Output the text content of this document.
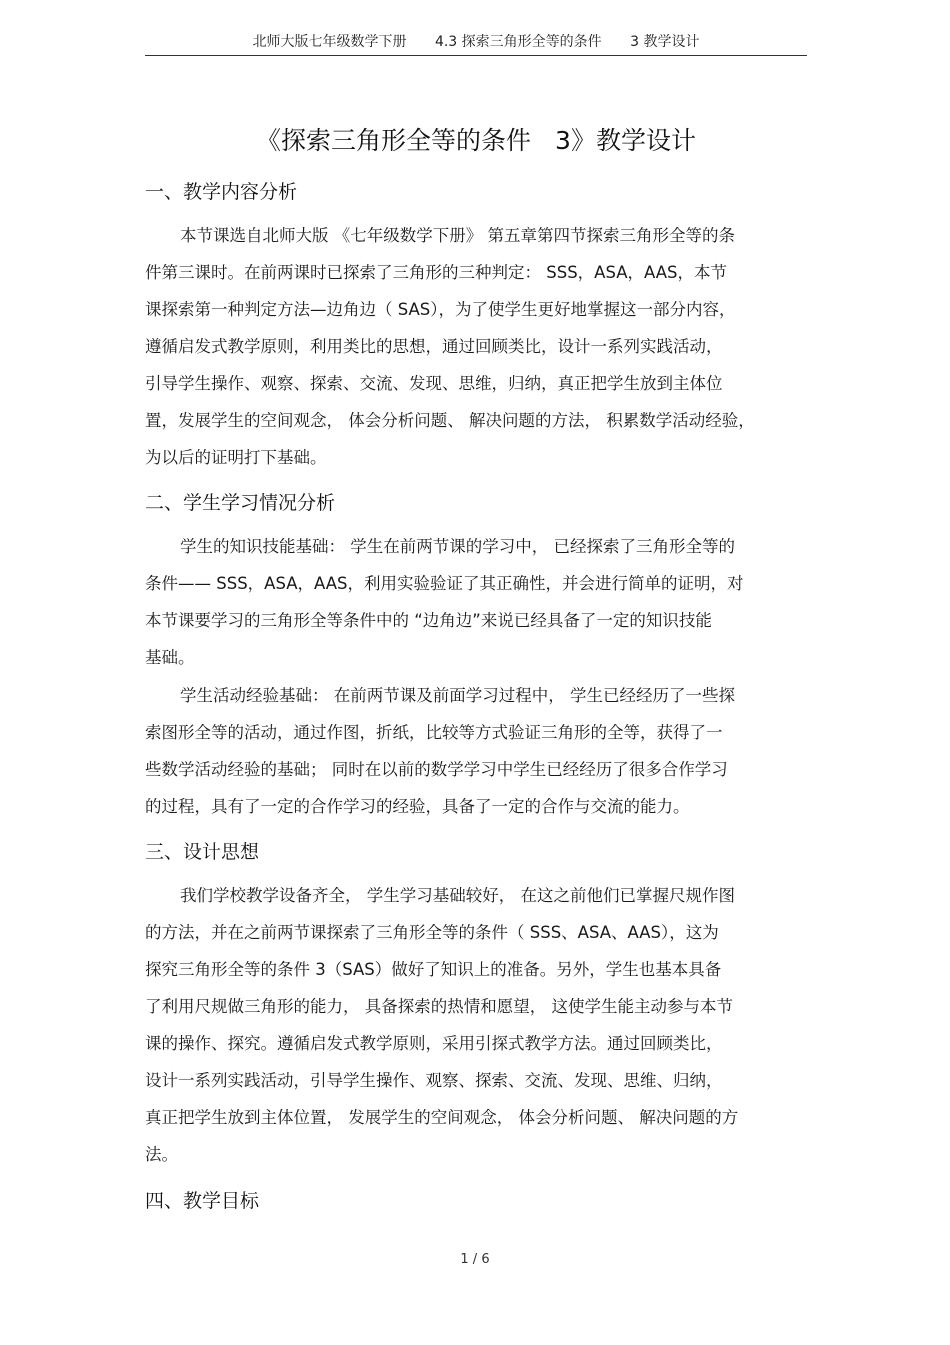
北师大版七年级数学下册 4.3 探索三角形全等的条件 3 教学设计
《探索三角形全等的条件 3》教学设计
一、教学内容分析
本节课选自北师大版 《七年级数学下册》 第五章第四节探索三角形全等的条
件第三课时。在前两课时已探索了三角形的三种判定： SSS，ASA，AAS，本节
课探索第一种判定方法—边角边（ SAS），为了使学生更好地掌握这一部分内容，
遵循启发式教学原则，利用类比的思想，通过回顾类比，设计一系列实践活动，
引导学生操作、观察、探索、交流、发现、思维，归纳，真正把学生放到主体位
置，发展学生的空间观念， 体会分析问题、 解决问题的方法， 积累数学活动经验，
为以后的证明打下基础。
二、学生学习情况分析
学生的知识技能基础： 学生在前两节课的学习中， 已经探索了三角形全等的
条件—— SSS，ASA，AAS，利用实验验证了其正确性，并会进行简单的证明，对
本节课要学习的三角形全等条件中的 “边角边”来说已经具备了一定的知识技能
基础。
学生活动经验基础： 在前两节课及前面学习过程中， 学生已经经历了一些探
索图形全等的活动，通过作图，折纸，比较等方式验证三角形的全等，获得了一
些数学活动经验的基础； 同时在以前的数学学习中学生已经经历了很多合作学习
的过程，具有了一定的合作学习的经验，具备了一定的合作与交流的能力。
三、设计思想
我们学校教学设备齐全， 学生学习基础较好， 在这之前他们已掌握尺规作图
的方法，并在之前两节课探索了三角形全等的条件（ SSS、ASA、AAS），这为
探究三角形全等的条件 3（SAS）做好了知识上的准备。另外，学生也基本具备
了利用尺规做三角形的能力， 具备探索的热情和愿望， 这使学生能主动参与本节
课的操作、探究。遵循启发式教学原则，采用引探式教学方法。通过回顾类比，
设计一系列实践活动，引导学生操作、观察、探索、交流、发现、思维、归纳，
真正把学生放到主体位置， 发展学生的空间观念， 体会分析问题、 解决问题的方
法。
四、教学目标
1 / 6
